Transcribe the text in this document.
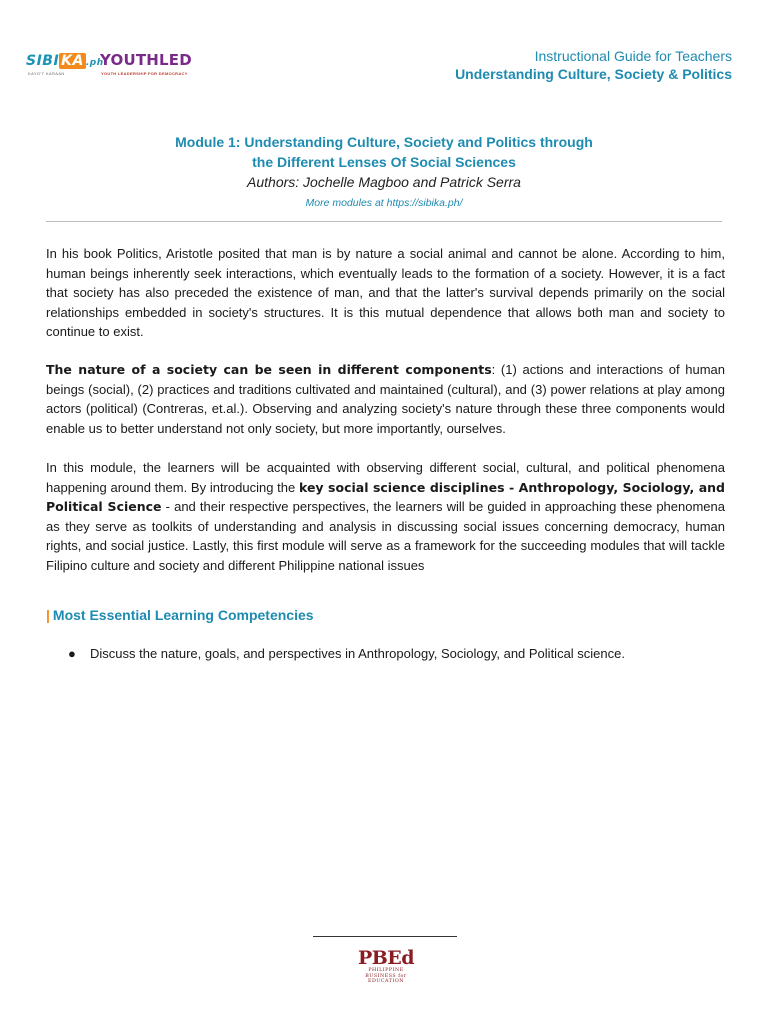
SIBI KA .ph
KAYO'T KARAAN
YOUTHLED
YOUTH LEADERSHIP FOR DEMOCRACY
Instructional Guide for Teachers
Understanding Culture, Society & Politics

Module 1: Understanding Culture, Society and Politics through

the Different Lenses Of Social Sciences

Authors: Jochelle Magboo and Patrick Serra

More modules at https://sibika.ph/

In his book Politics, Aristotle posited that man is by nature a social animal and cannot be alone. According to him, human beings inherently seek interactions, which eventually leads to the formation of a society. However, it is a fact that society has also preceded the existence of man, and that the latter's survival depends primarily on the social relationships embedded in society's structures. It is this mutual dependence that allows both man and society to continue to exist.

The nature of a society can be seen in different components: (1) actions and interactions of human beings (social), (2) practices and traditions cultivated and maintained (cultural), and (3) power relations at play among actors (political) (Contreras, et.al.). Observing and analyzing society's nature through these three components would enable us to better understand not only society, but more importantly, ourselves.

In this module, the learners will be acquainted with observing different social, cultural, and political phenomena happening around them. By introducing the key social science disciplines - Anthropology, Sociology, and Political Science - and their respective perspectives, the learners will be guided in approaching these phenomena as they serve as toolkits of understanding and analysis in discussing social issues concerning democracy, human rights, and social justice. Lastly, this first module will serve as a framework for the succeeding modules that will tackle Filipino culture and society and different Philippine national issues

| Most Essential Learning Competencies
● Discuss the nature, goals, and perspectives in Anthropology, Sociology, and Political science.
PBEd
PHILIPPINE
BUSINESS for
EDUCATION
